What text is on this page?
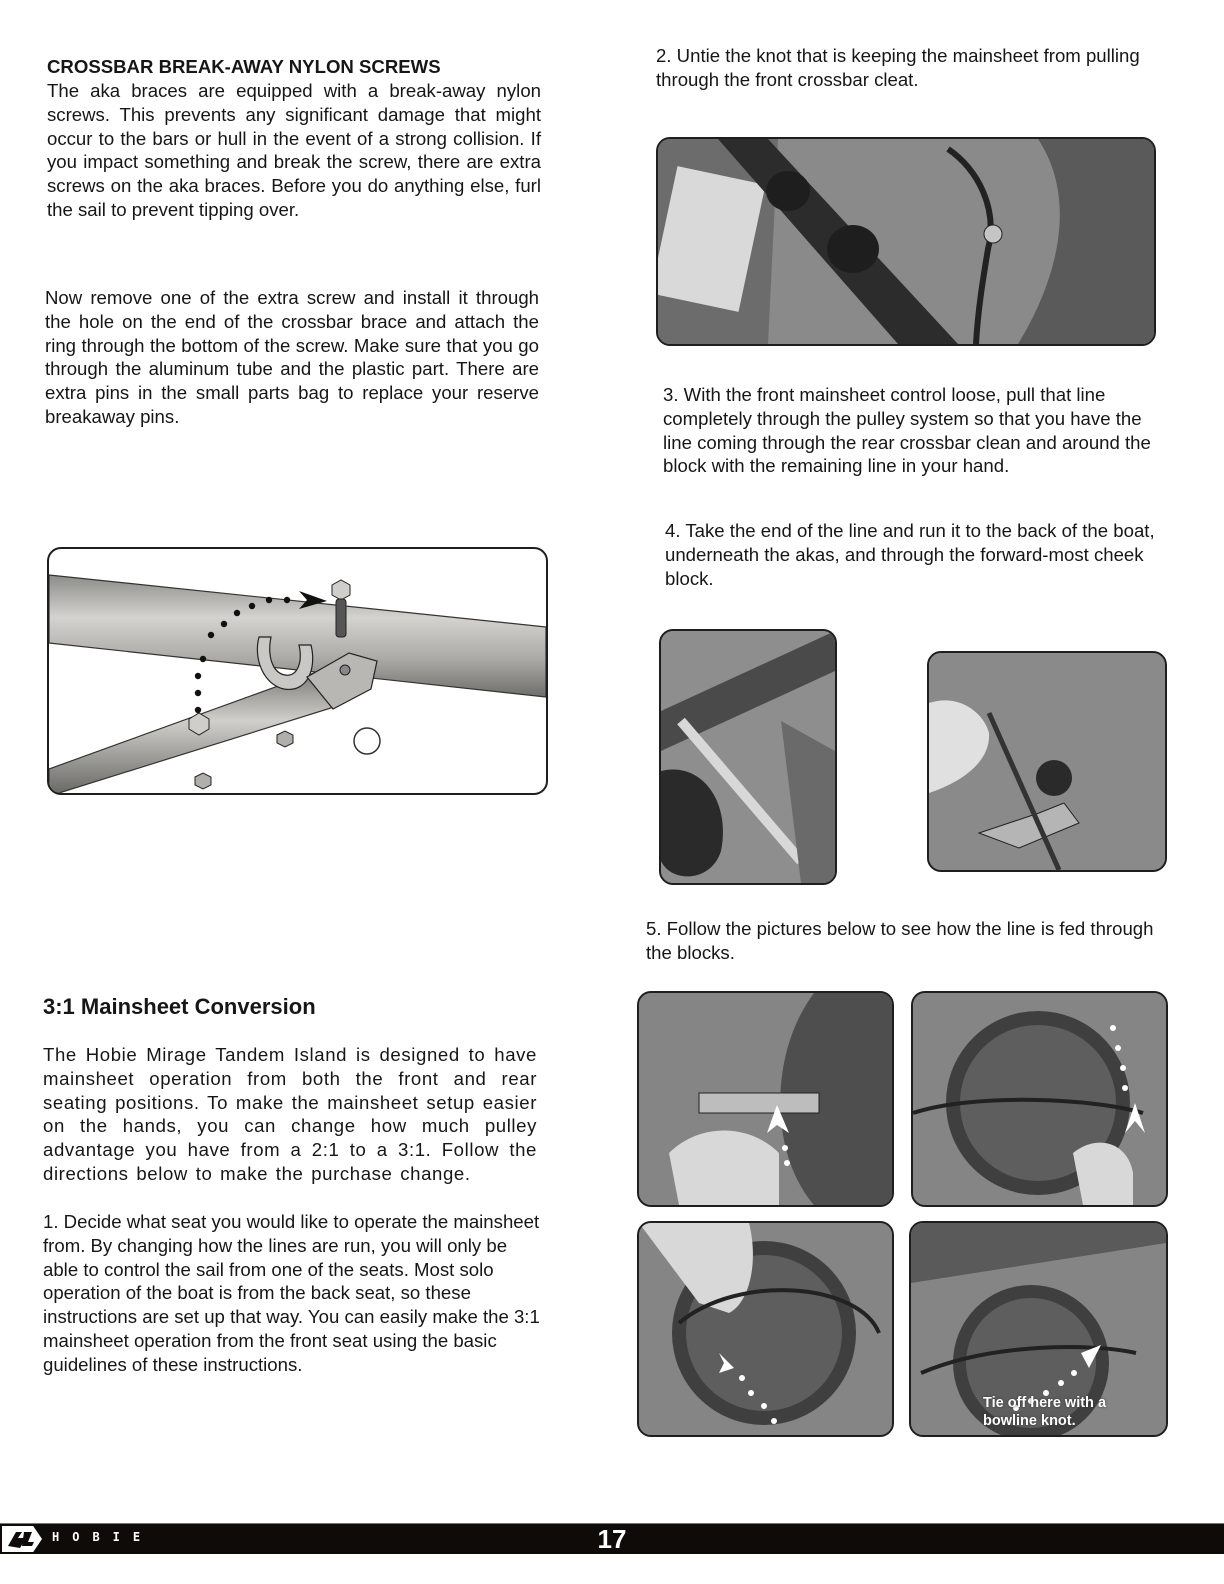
CROSSBAR BREAK-AWAY NYLON SCREWS
The aka braces are equipped with a break-away nylon screws. This prevents any significant damage that might occur to the bars or hull in the event of a strong collision. If you impact something and break the screw, there are extra screws on the aka braces. Before you do anything else, furl the sail to prevent tipping over.
Now remove one of the extra screw and install it through the hole on the end of the crossbar brace and attach the ring through the bottom of the screw. Make sure that you go through the aluminum tube and the plastic part. There are extra pins in the small parts bag to replace your reserve breakaway pins.
3:1 Mainsheet Conversion
The Hobie Mirage Tandem Island is designed to have mainsheet operation from both the front and rear seating positions. To make the mainsheet setup easier on the hands, you can change how much pulley advantage you have from a 2:1 to a 3:1. Follow the directions below to make the purchase change.
1. Decide what seat you would like to operate the mainsheet from. By changing how the lines are run, you will only be able to control the sail from one of the seats. Most solo operation of the boat is from the back seat, so these instructions are set up that way. You can easily make the 3:1 mainsheet operation from the front seat using the basic guidelines of these instructions.
2. Untie the knot that is keeping the mainsheet from pulling through the front crossbar cleat.
3. With the front mainsheet control loose, pull that line completely through the pulley system so that you have the line coming through the rear crossbar clean and around the block with the remaining line in your hand.
4. Take the end of the line and run it to the back of the boat, underneath the akas, and through the forward-most cheek block.
5. Follow the pictures below to see how the line is fed through the blocks.
Tie off here with a bowline knot.
HOBIE	17
